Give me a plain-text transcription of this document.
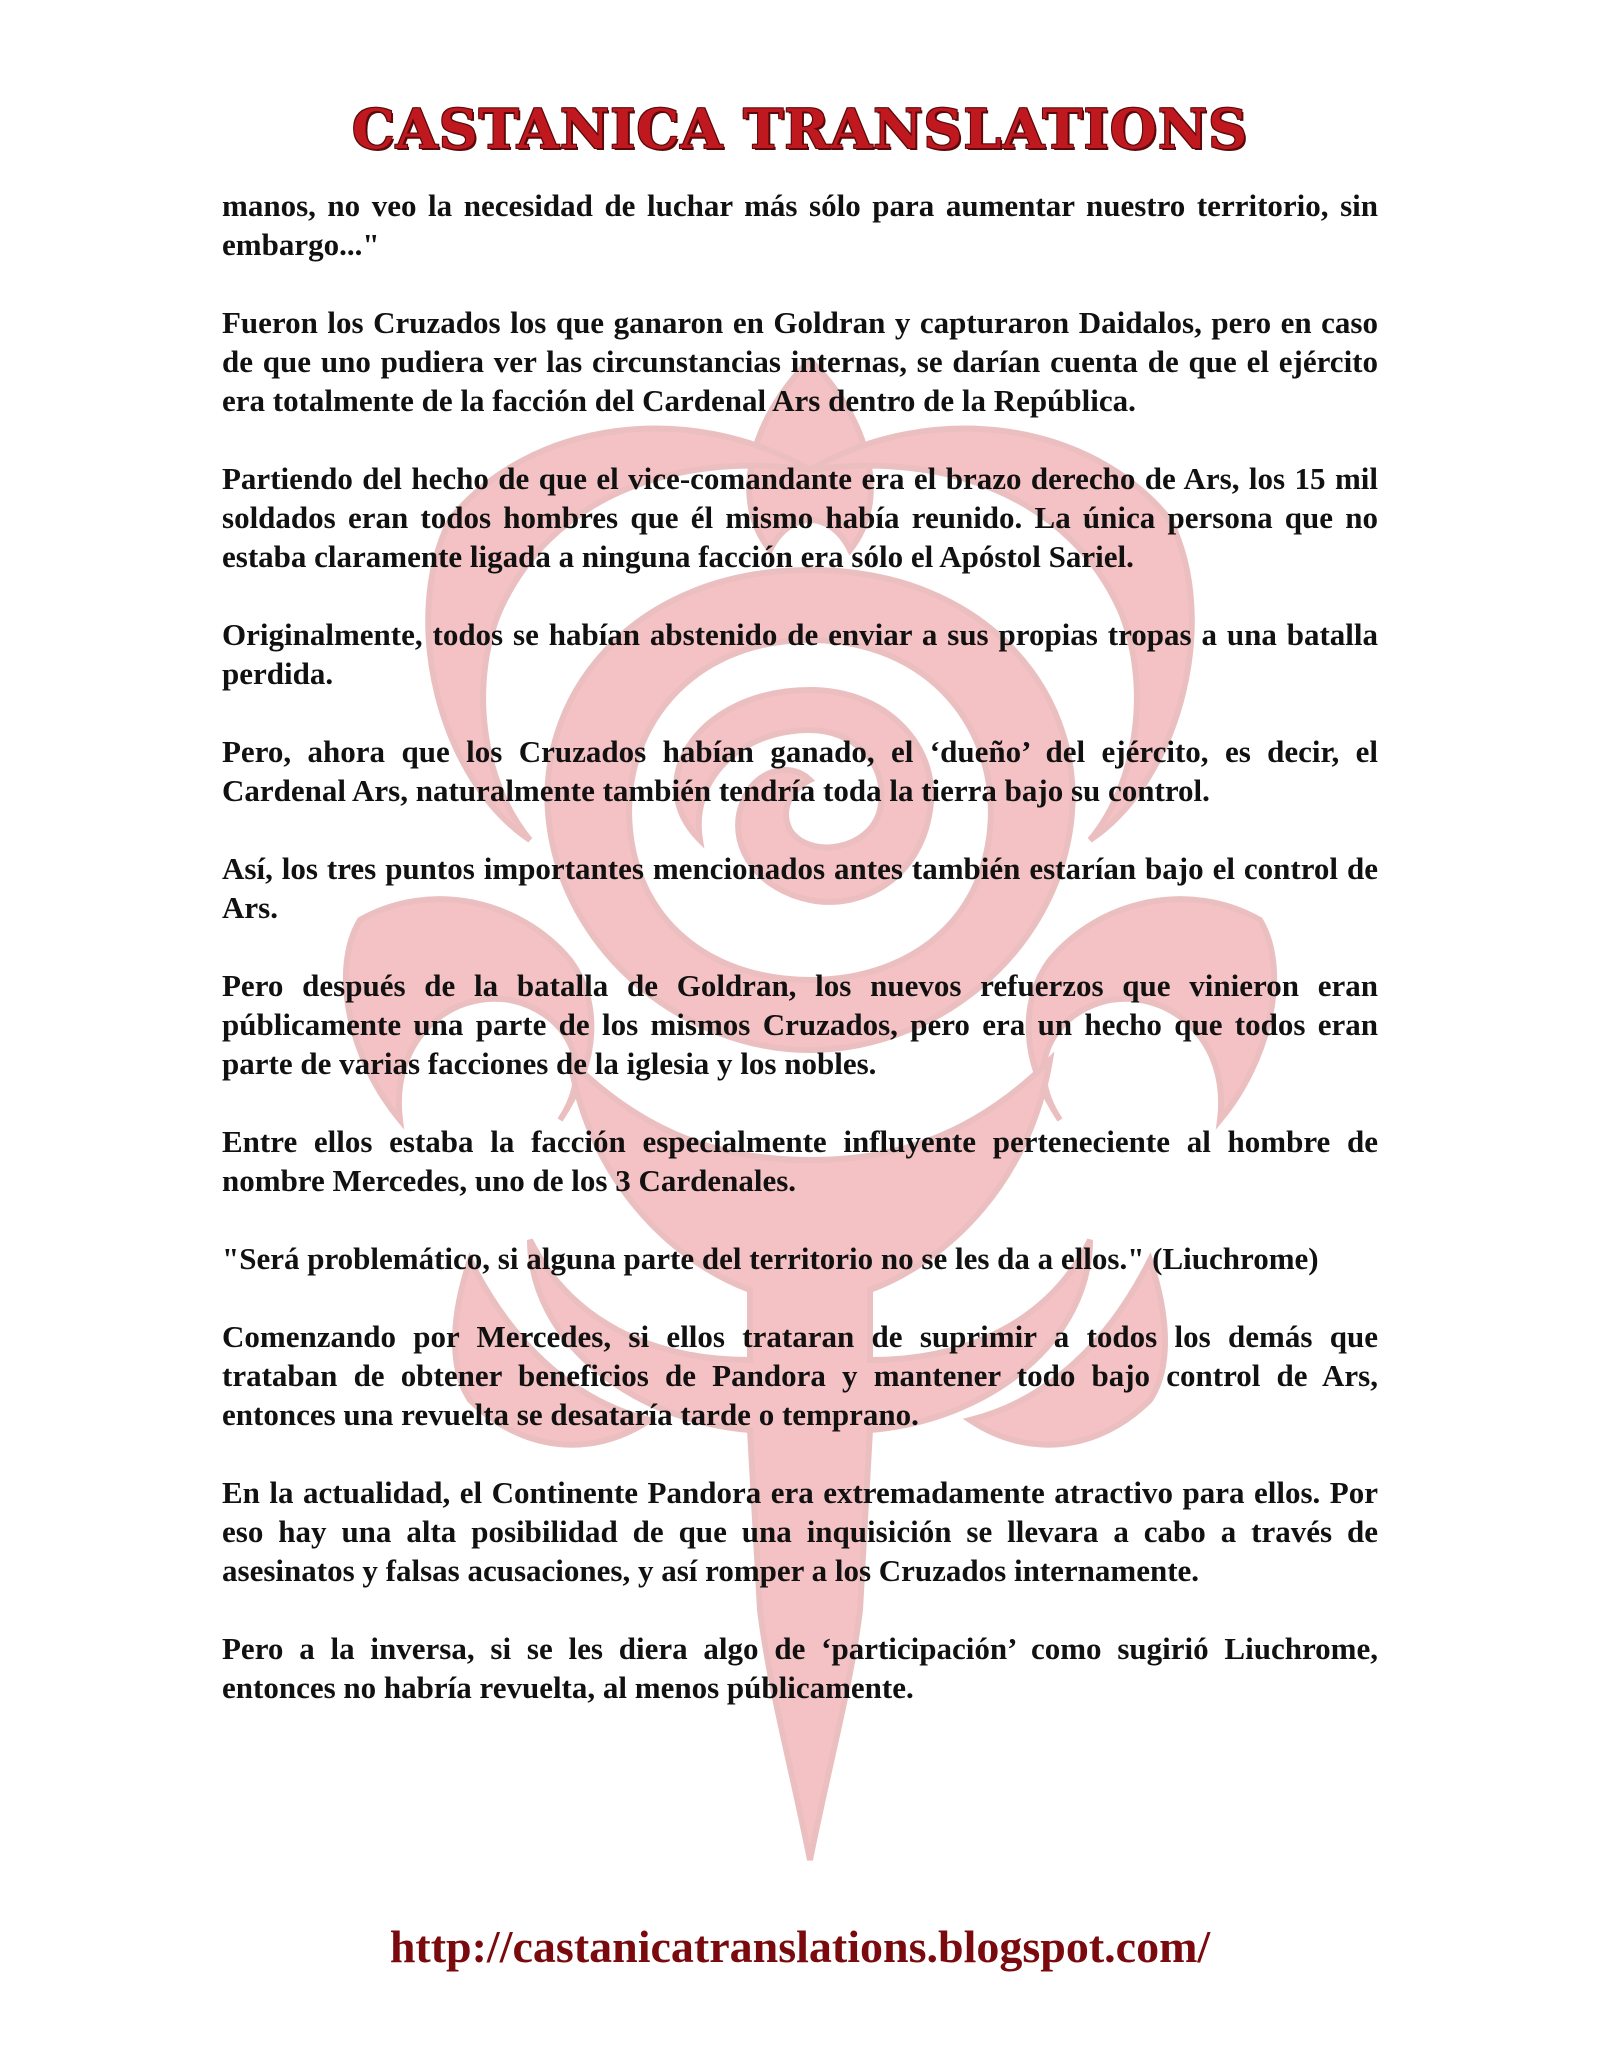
CASTANICA TRANSLATIONS

manos, no veo la necesidad de luchar más sólo para aumentar nuestro territorio, sin embargo..."

Fueron los Cruzados los que ganaron en Goldran y capturaron Daidalos, pero en caso de que uno pudiera ver las circunstancias internas, se darían cuenta de que el ejército era totalmente de la facción del Cardenal Ars dentro de la República.

Partiendo del hecho de que el vice-comandante era el brazo derecho de Ars, los 15 mil soldados eran todos hombres que él mismo había reunido. La única persona que no estaba claramente ligada a ninguna facción era sólo el Apóstol Sariel.

Originalmente, todos se habían abstenido de enviar a sus propias tropas a una batalla perdida.

Pero, ahora que los Cruzados habían ganado, el ‘dueño’ del ejército, es decir, el Cardenal Ars, naturalmente también tendría toda la tierra bajo su control.

Así, los tres puntos importantes mencionados antes también estarían bajo el control de Ars.

Pero después de la batalla de Goldran, los nuevos refuerzos que vinieron eran públicamente una parte de los mismos Cruzados, pero era un hecho que todos eran parte de varias facciones de la iglesia y los nobles.

Entre ellos estaba la facción especialmente influyente perteneciente al hombre de nombre Mercedes, uno de los 3 Cardenales.

"Será problemático, si alguna parte del territorio no se les da a ellos." (Liuchrome)

Comenzando por Mercedes, si ellos trataran de suprimir a todos los demás que trataban de obtener beneficios de Pandora y mantener todo bajo control de Ars, entonces una revuelta se desataría tarde o temprano.

En la actualidad, el Continente Pandora era extremadamente atractivo para ellos. Por eso hay una alta posibilidad de que una inquisición se llevara a cabo a través de asesinatos y falsas acusaciones, y así romper a los Cruzados internamente.

Pero a la inversa, si se les diera algo de ‘participación’ como sugirió Liuchrome, entonces no habría revuelta, al menos públicamente.

http://castanicatranslations.blogspot.com/
